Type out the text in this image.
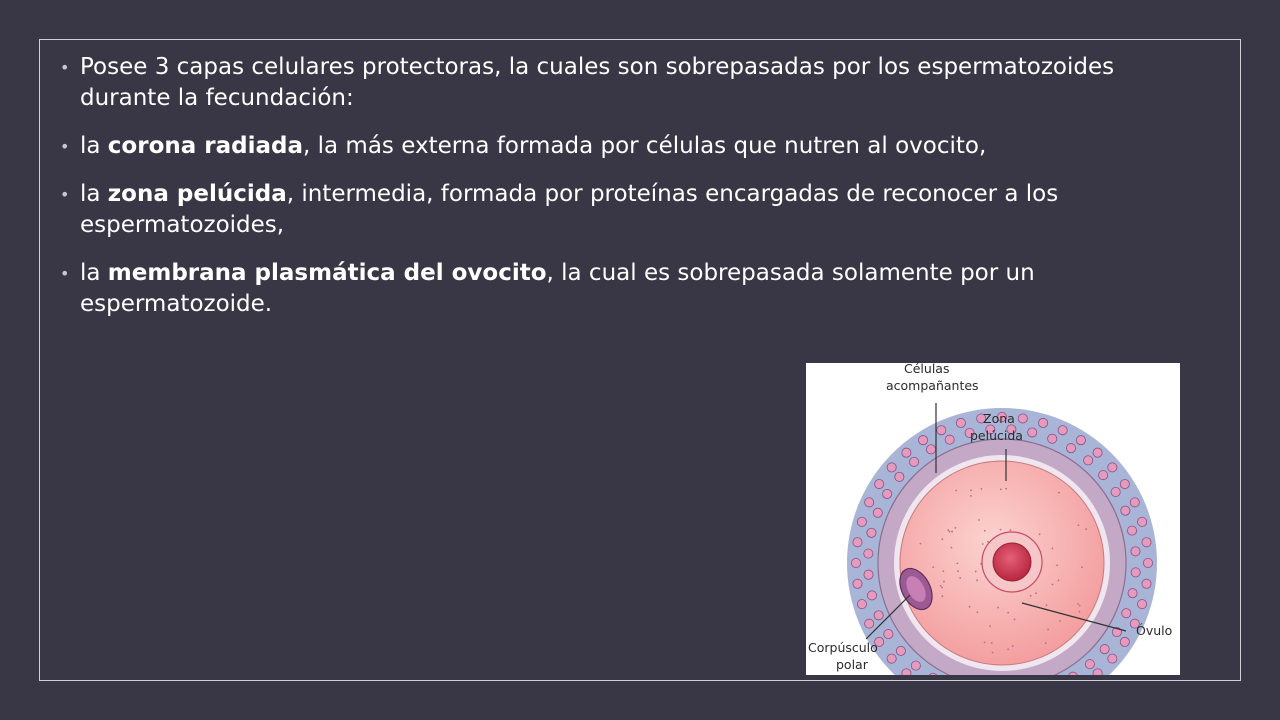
• Posee 3 capas celulares protectoras, la cuales son sobrepasadas por los espermatozoides durante la fecundación:
• la corona radiada, la más externa formada por células que nutren al ovocito,
• la zona pelúcida, intermedia, formada por proteínas encargadas de reconocer a los espermatozoides,
• la membrana plasmática del ovocito, la cual es sobrepasada solamente por un espermatozoide.
Células
acompañantes
Zona
pelúcida
Óvulo
Corpúsculo
polar
